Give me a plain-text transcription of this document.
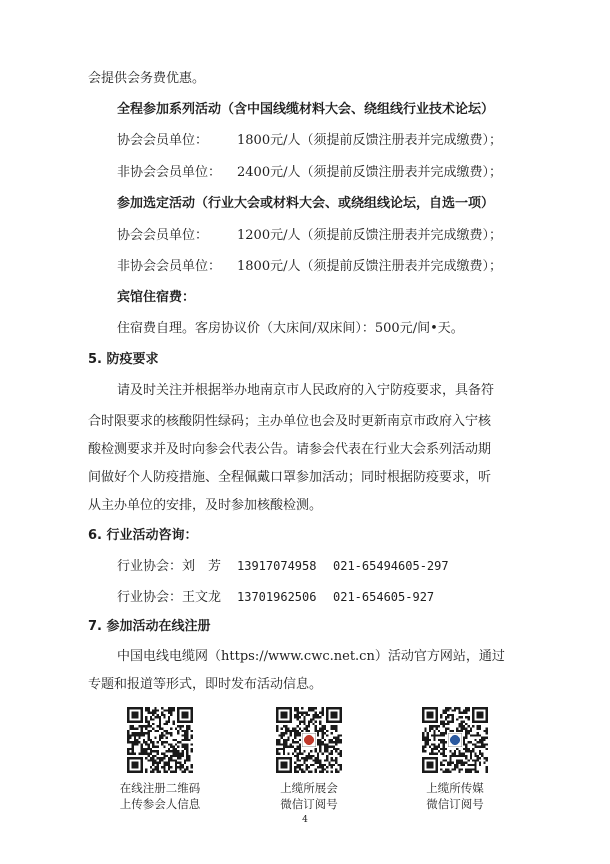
会提供会务费优惠。
全程参加系列活动（含中国线缆材料大会、绕组线行业技术论坛）
协会会员单位： 1800元/人（须提前反馈注册表并完成缴费）；
非协会会员单位： 2400元/人（须提前反馈注册表并完成缴费）；
参加选定活动（行业大会或材料大会、或绕组线论坛，自选一项）
协会会员单位： 1200元/人（须提前反馈注册表并完成缴费）；
非协会会员单位： 1800元/人（须提前反馈注册表并完成缴费）；
宾馆住宿费：
住宿费自理。客房协议价（大床间/双床间）：500元/间•天。
5. 防疫要求
请及时关注并根据举办地南京市人民政府的入宁防疫要求，具备符
合时限要求的核酸阴性绿码；主办单位也会及时更新南京市政府入宁核
酸检测要求并及时向参会代表公告。请参会代表在行业大会系列活动期
间做好个人防疫措施、全程佩戴口罩参加活动；同时根据防疫要求，听
从主办单位的安排，及时参加核酸检测。
6. 行业活动咨询：
行业协会：刘　芳 13917074958 021-65494605-297
行业协会：王文龙 13701962506 021-654605-927
7. 参加活动在线注册
中国电线电缆网（https://www.cwc.net.cn）活动官方网站，通过
专题和报道等形式，即时发布活动信息。
在线注册二维码
上传参会人信息
上缆所展会
微信订阅号
上缆所传媒
微信订阅号
4
